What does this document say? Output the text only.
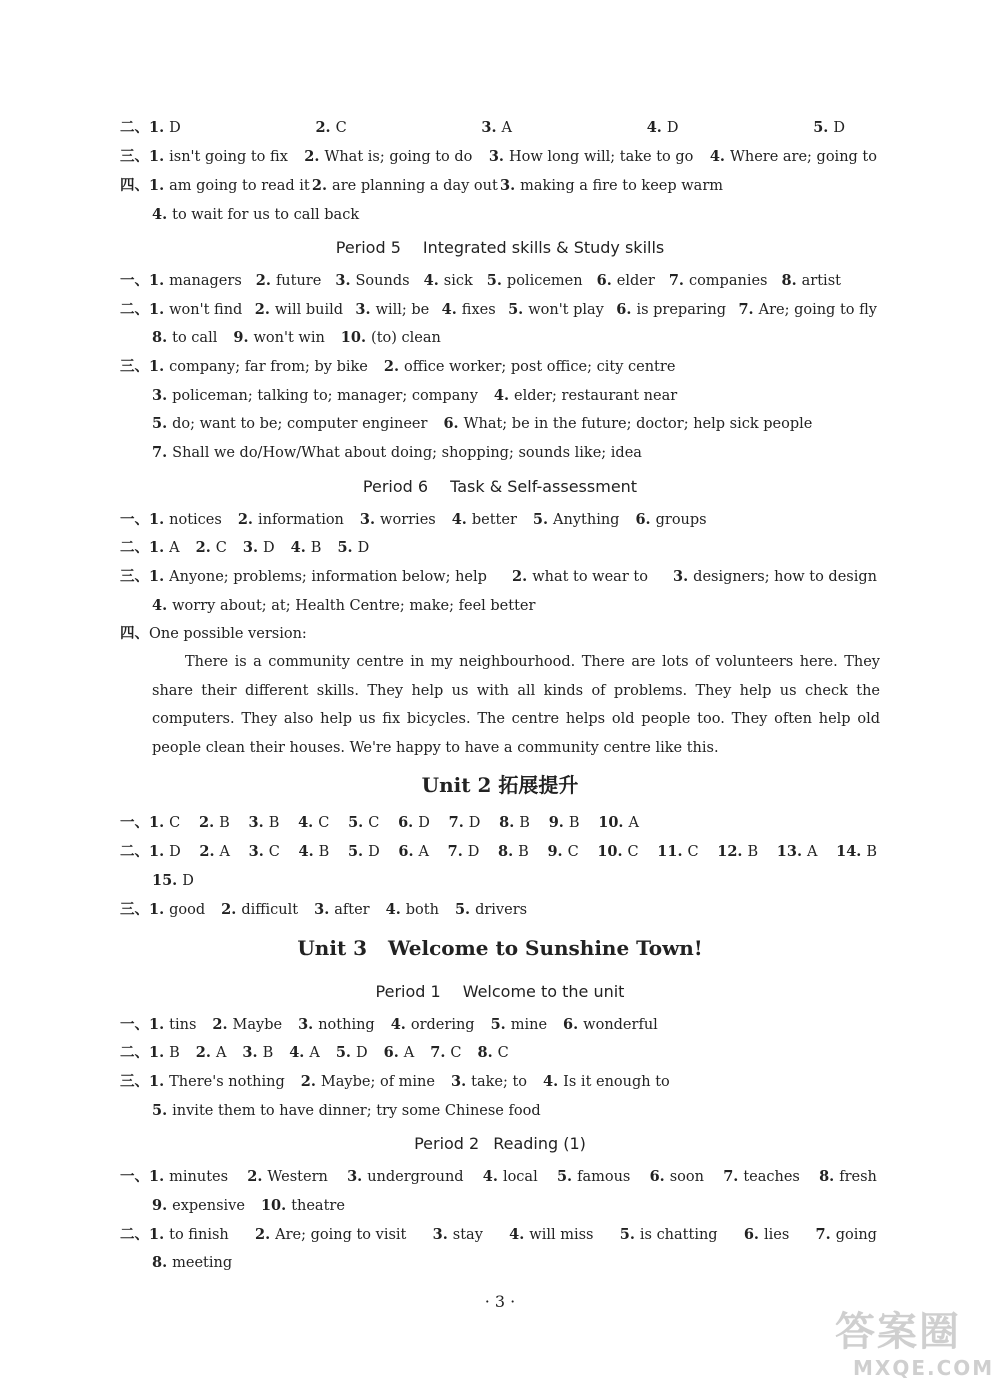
二、 1. D	2. C	3. A	4. D	5. D
三、 1. isn't going to fix 2. What is; going to do 3. How long will; take to go 4. Where are; going to
四、 1. am going to read it 2. are planning a day out 3. making a fire to keep warm
4. to wait for us to call back
Period 5 Integrated skills & Study skills
一、 1. managers 2. future 3. Sounds 4. sick 5. policemen 6. elder 7. companies 8. artist
二、 1. won't find 2. will build 3. will; be 4. fixes 5. won't play 6. is preparing 7. Are; going to fly
8. to call 9. won't win 10. (to) clean
三、 1. company; far from; by bike 2. office worker; post office; city centre
3. policeman; talking to; manager; company 4. elder; restaurant near
5. do; want to be; computer engineer 6. What; be in the future; doctor; help sick people
7. Shall we do/How/What about doing; shopping; sounds like; idea
Period 6 Task & Self-assessment
一、 1. notices 2. information 3. worries 4. better 5. Anything 6. groups
二、 1. A 2. C 3. D 4. B 5. D
三、 1. Anyone; problems; information below; help 2. what to wear to 3. designers; how to design
4. worry about; at; Health Centre; make; feel better
四、One possible version:
There is a community centre in my neighbourhood. There are lots of volunteers here. They share their different skills. They help us with all kinds of problems. They help us check the computers. They also help us fix bicycles. The centre helps old people too. They often help old people clean their houses. We're happy to have a community centre like this.
Unit 2 拓展提升
一、 1. C 2. B 3. B 4. C 5. C 6. D 7. D 8. B 9. B 10. A
二、 1. D 2. A 3. C 4. B 5. D 6. A 7. D 8. B 9. C 10. C 11. C 12. B 13. A 14. B
15. D
三、 1. good 2. difficult 3. after 4. both 5. drivers
Unit 3   Welcome to Sunshine Town!
Period 1 Welcome to the unit
一、 1. tins 2. Maybe 3. nothing 4. ordering 5. mine 6. wonderful
二、 1. B 2. A 3. B 4. A 5. D 6. A 7. C 8. C
三、 1. There's nothing 2. Maybe; of mine 3. take; to 4. Is it enough to
5. invite them to have dinner; try some Chinese food
Period 2 Reading (1)
一、 1. minutes 2. Western 3. underground 4. local 5. famous 6. soon 7. teaches 8. fresh
9. expensive 10. theatre
二、 1. to finish 2. Are; going to visit 3. stay 4. will miss 5. is chatting 6. lies 7. going
8. meeting
· 3 ·
答案圈
MXQE.COM
